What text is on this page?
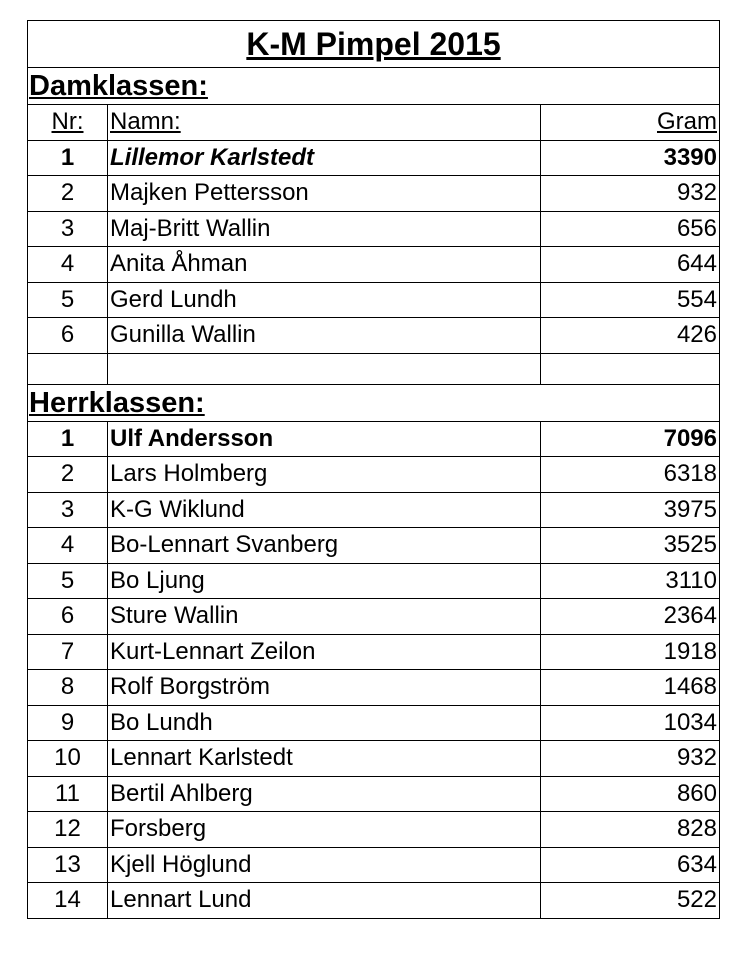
K-M Pimpel 2015		
Damklassen:		
Nr:	Namn:	Gram
1	Lillemor Karlstedt	3390
2	Majken Pettersson	932
3	Maj-Britt Wallin	656
4	Anita Åhman	644
5	Gerd Lundh	554
6	Gunilla Wallin	426

Herrklassen:		
1	Ulf Andersson	7096
2	Lars Holmberg	6318
3	K-G Wiklund	3975
4	Bo-Lennart Svanberg	3525
5	Bo Ljung	3110
6	Sture Wallin	2364
7	Kurt-Lennart Zeilon	1918
8	Rolf Borgström	1468
9	Bo Lundh	1034
10	Lennart Karlstedt	932
11	Bertil Ahlberg	860
12	Forsberg	828
13	Kjell Höglund	634
14	Lennart Lund	522
